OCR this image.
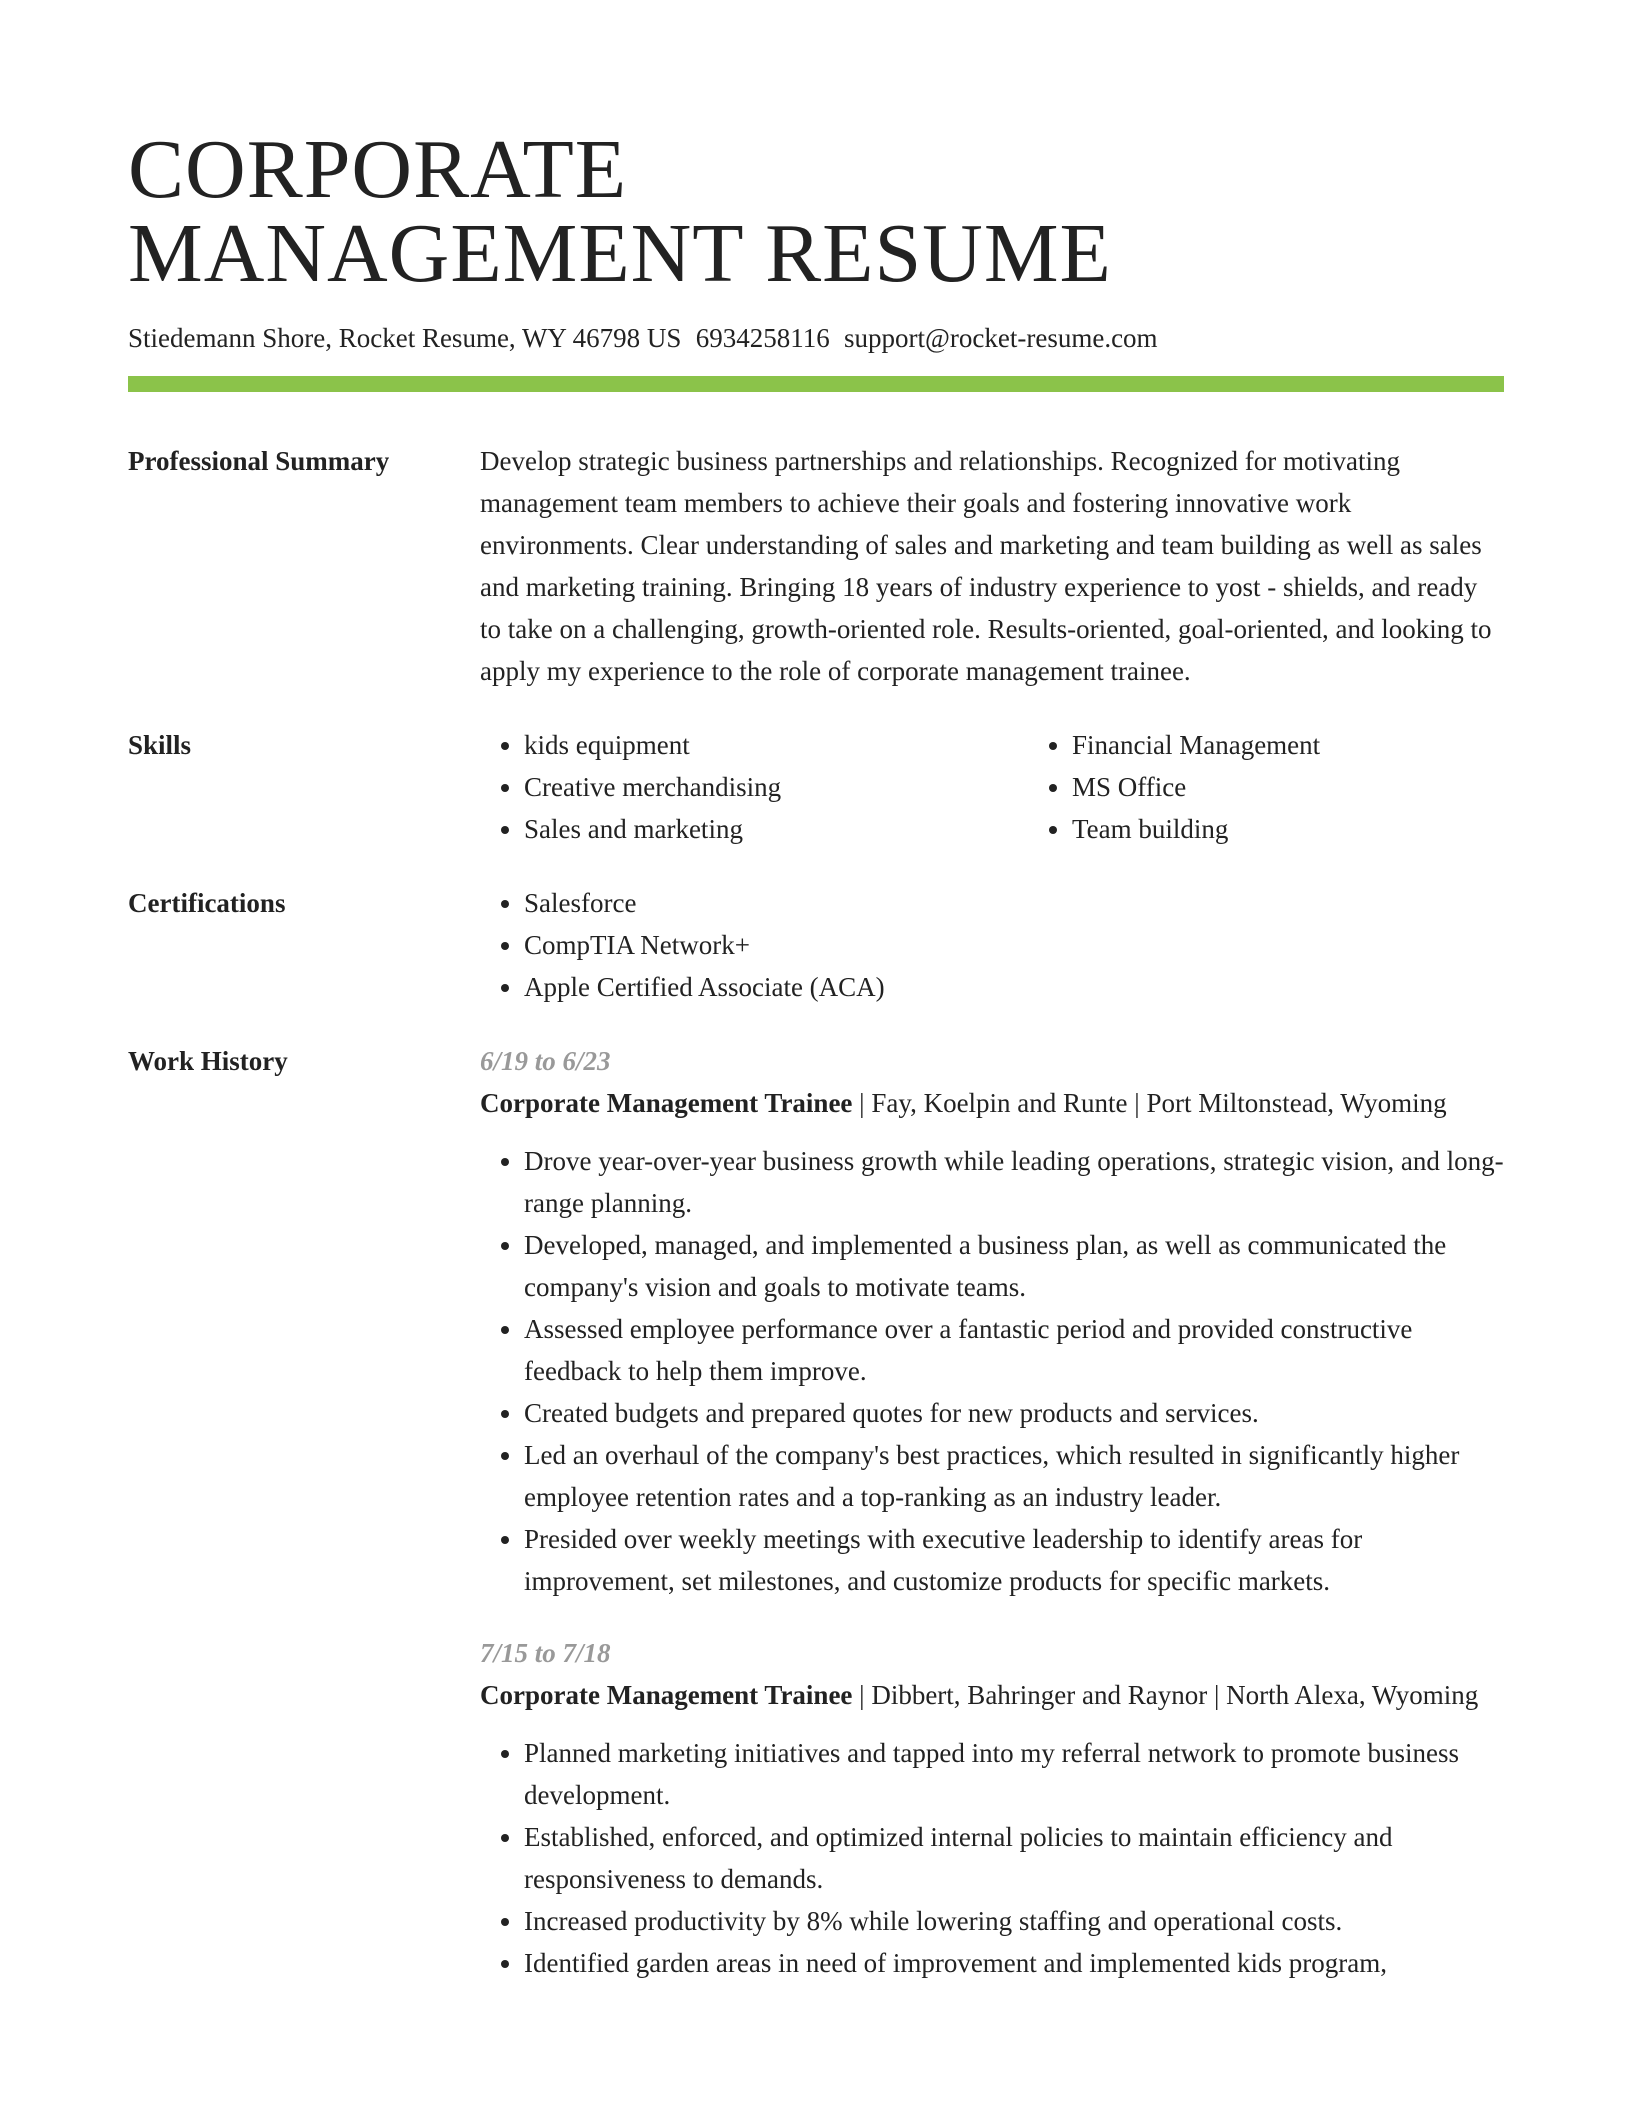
CORPORATE
MANAGEMENT RESUME
Stiedemann Shore, Rocket Resume, WY 46798 US 6934258116 support@rocket-resume.com
Professional Summary	Develop strategic business partnerships and relationships. Recognized for motivating management team members to achieve their goals and fostering innovative work environments. Clear understanding of sales and marketing and team building as well as sales and marketing training. Bringing 18 years of industry experience to yost - shields, and ready to take on a challenging, growth-oriented role. Results-oriented, goal-oriented, and looking to apply my experience to the role of corporate management trainee.
Skills	• kids equipment
• Creative merchandising
• Sales and marketing
• Financial Management
• MS Office
• Team building
Certifications	• Salesforce
• CompTIA Network+
• Apple Certified Associate (ACA)
Work History	6/19 to 6/23
Corporate Management Trainee | Fay, Koelpin and Runte | Port Miltonstead, Wyoming
• Drove year-over-year business growth while leading operations, strategic vision, and long-range planning.
• Developed, managed, and implemented a business plan, as well as communicated the company's vision and goals to motivate teams.
• Assessed employee performance over a fantastic period and provided constructive feedback to help them improve.
• Created budgets and prepared quotes for new products and services.
• Led an overhaul of the company's best practices, which resulted in significantly higher employee retention rates and a top-ranking as an industry leader.
• Presided over weekly meetings with executive leadership to identify areas for improvement, set milestones, and customize products for specific markets.
7/15 to 7/18
Corporate Management Trainee | Dibbert, Bahringer and Raynor | North Alexa, Wyoming
• Planned marketing initiatives and tapped into my referral network to promote business development.
• Established, enforced, and optimized internal policies to maintain efficiency and responsiveness to demands.
• Increased productivity by 8% while lowering staffing and operational costs.
• Identified garden areas in need of improvement and implemented kids program,
